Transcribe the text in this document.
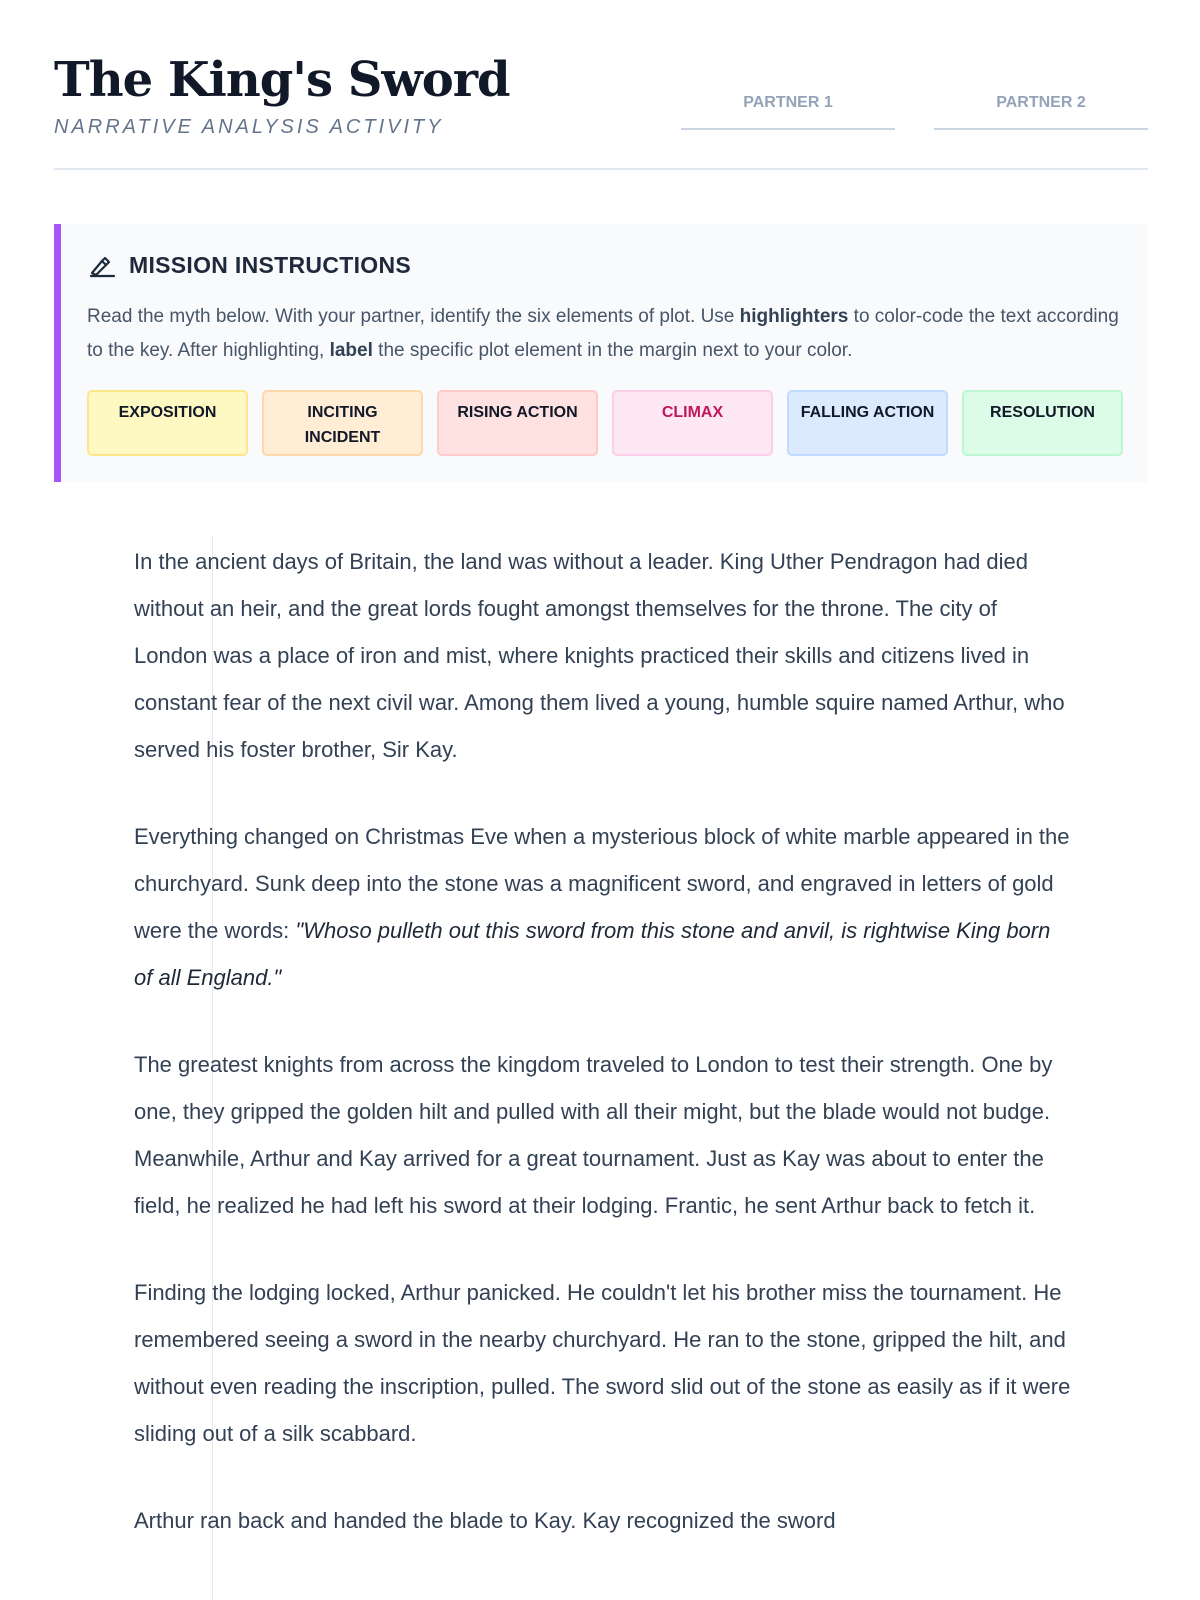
The King's Sword
NARRATIVE ANALYSIS ACTIVITY
PARTNER 1	PARTNER 2
MISSION INSTRUCTIONS

Read the myth below. With your partner, identify the six elements of plot. Use highlighters to color-code the text according to the key. After highlighting, label the specific plot element in the margin next to your color.

EXPOSITION	INCITING
INCIDENT
RISING ACTION	CLIMAX	FALLING ACTION	RESOLUTION

In the ancient days of Britain, the land was without a leader. King Uther Pendragon had died without an heir, and the great lords fought amongst themselves for the throne. The city of London was a place of iron and mist, where knights practiced their skills and citizens lived in constant fear of the next civil war. Among them lived a young, humble squire named Arthur, who served his foster brother, Sir Kay.

Everything changed on Christmas Eve when a mysterious block of white marble appeared in the churchyard. Sunk deep into the stone was a magnificent sword, and engraved in letters of gold were the words: "Whoso pulleth out this sword from this stone and anvil, is rightwise King born of all England."

The greatest knights from across the kingdom traveled to London to test their strength. One by one, they gripped the golden hilt and pulled with all their might, but the blade would not budge. Meanwhile, Arthur and Kay arrived for a great tournament. Just as Kay was about to enter the field, he realized he had left his sword at their lodging. Frantic, he sent Arthur back to fetch it.

Finding the lodging locked, Arthur panicked. He couldn't let his brother miss the tournament. He remembered seeing a sword in the nearby churchyard. He ran to the stone, gripped the hilt, and without even reading the inscription, pulled. The sword slid out of the stone as easily as if it were sliding out of a silk scabbard.

Arthur ran back and handed the blade to Kay. Kay recognized the sword
